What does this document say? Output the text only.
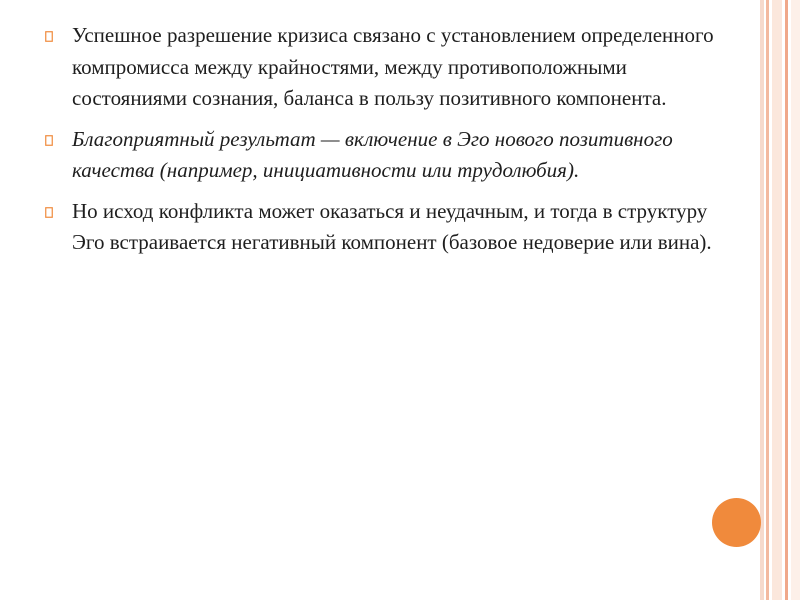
Успешное разрешение кризиса связано с установлением определенного компромисса между крайностями, между противоположными состояниями сознания, баланса в пользу позитивного компонента.
Благоприятный результат — включение в Эго нового позитивного качества (например, инициативности или трудолюбия).
Но исход конфликта может оказаться и неудачным, и тогда в структуру Эго встраивается негативный компонент (базовое недоверие или вина).
